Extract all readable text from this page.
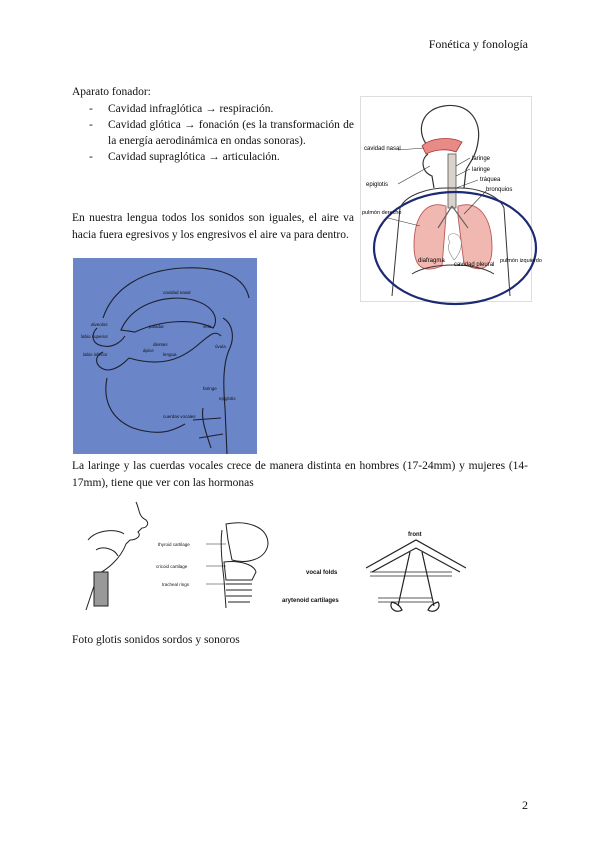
Fonética y fonología
Aparato fonador:
- Cavidad infraglótica → respiración.
- Cavidad glótica → fonación (es la transformación de la energía aerodinámica en ondas sonoras).
- Cavidad supraglótica → articulación.
En nuestra lengua todos los sonidos son iguales, el aire va hacia fuera egresivos y los engresivos el aire va para dentro.
cavidad nasal
laringe
laringe
tráquea
bronquios
epiglotis
pulmón derecho
diafragma
cavidad pleural
pulmón izquierdo
cavidad nasal
paladar	velo
alveolos
labio superior
dientes
ápice
lengua
úvula
labio inferior
faringe
epiglotis
cuerdas vocales
La laringe y las cuerdas vocales crece de manera distinta en hombres (17-24mm) y mujeres (14-17mm), tiene que ver con las hormonas
thyroid cartilage
cricoid cartilage
tracheal rings
front
vocal folds
arytenoid cartilages
Foto glotis sonidos sordos y sonoros
2
